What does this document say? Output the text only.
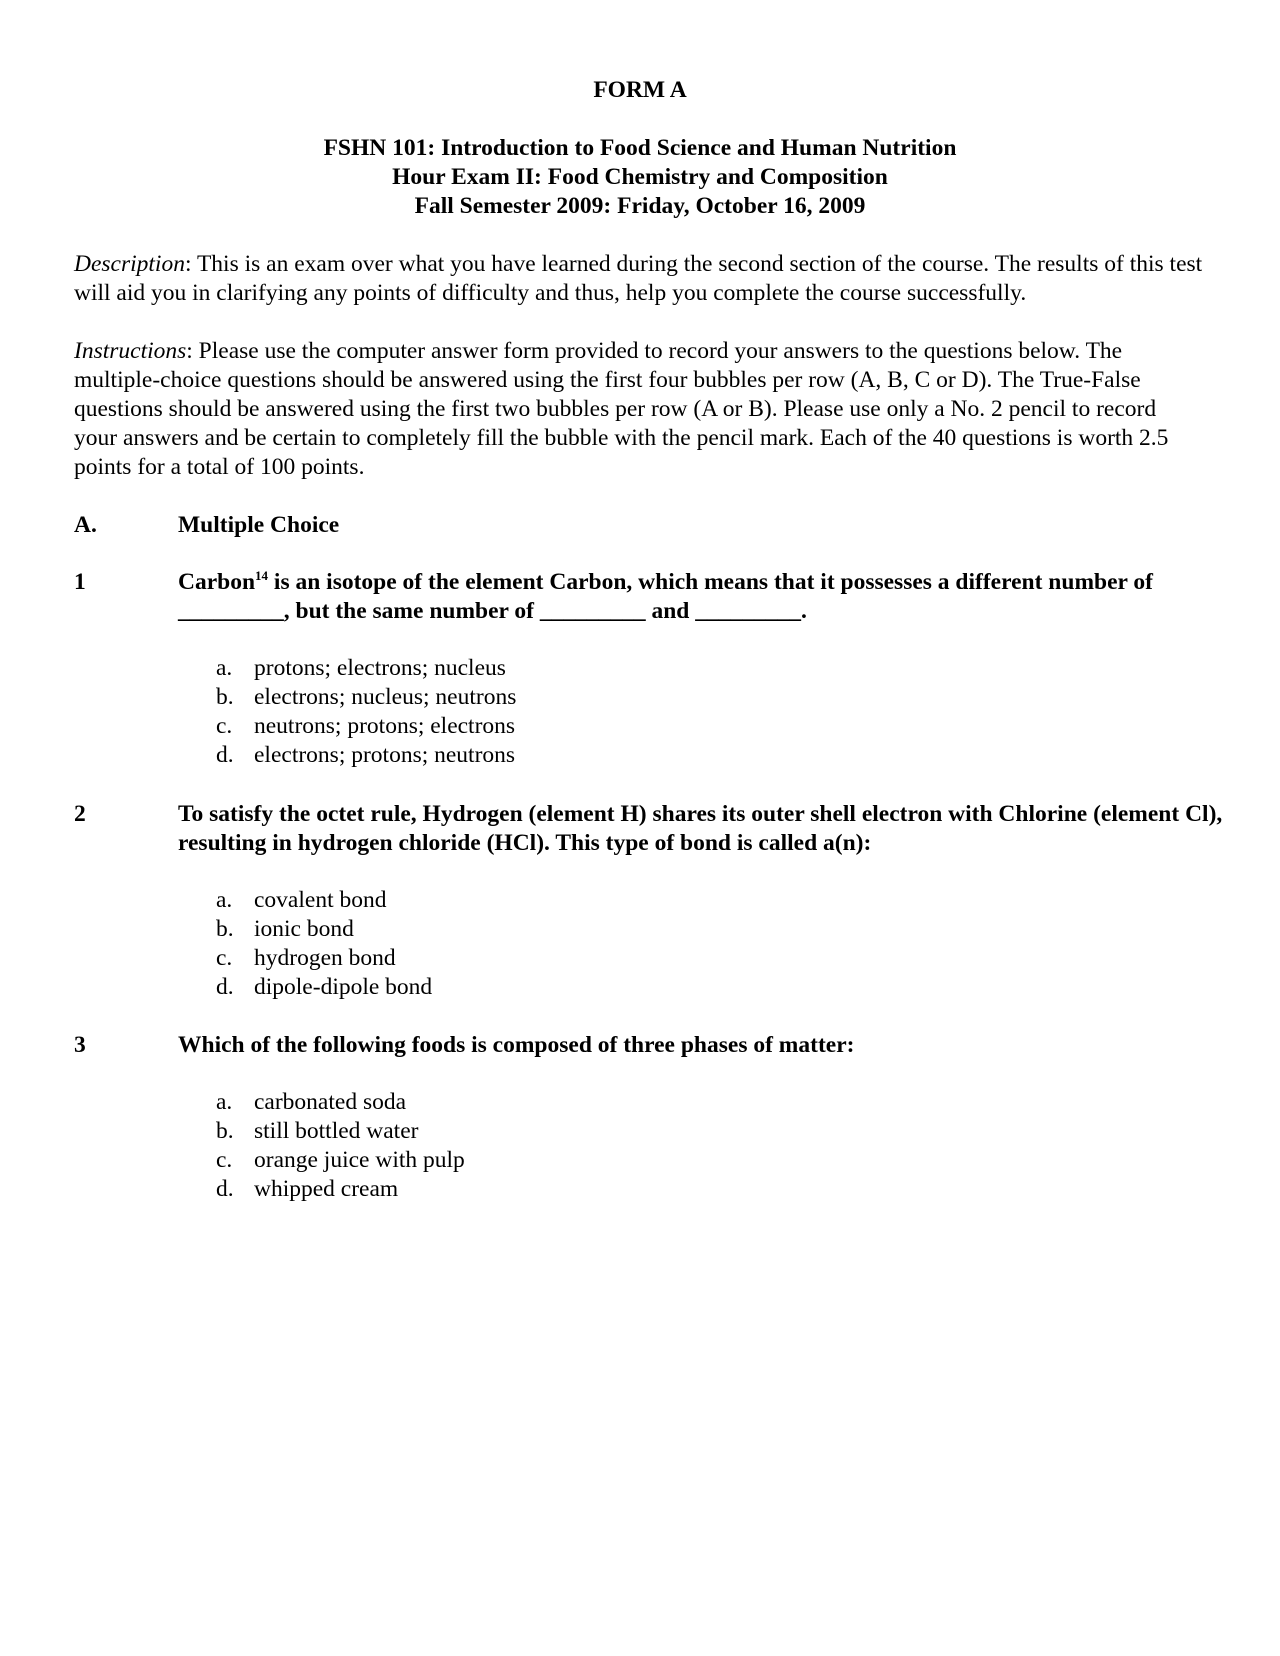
FORM A
FSHN 101: Introduction to Food Science and Human Nutrition
Hour Exam II: Food Chemistry and Composition
Fall Semester 2009: Friday, October 16, 2009
Description: This is an exam over what you have learned during the second section of the course. The results of this test will aid you in clarifying any points of difficulty and thus, help you complete the course successfully.
Instructions: Please use the computer answer form provided to record your answers to the questions below. The multiple-choice questions should be answered using the first four bubbles per row (A, B, C or D). The True-False questions should be answered using the first two bubbles per row (A or B). Please use only a No. 2 pencil to record your answers and be certain to completely fill the bubble with the pencil mark. Each of the 40 questions is worth 2.5 points for a total of 100 points.
A.	Multiple Choice
1	Carbon$^{14}$ is an isotope of the element Carbon, which means that it possesses a different number of _________, but the same number of _________ and _________.
a. protons; electrons; nucleus
b. electrons; nucleus; neutrons
c. neutrons; protons; electrons
d. electrons; protons; neutrons
2	To satisfy the octet rule, Hydrogen (element H) shares its outer shell electron with Chlorine (element Cl), resulting in hydrogen chloride (HCl). This type of bond is called a(n):
a. covalent bond
b. ionic bond
c. hydrogen bond
d. dipole-dipole bond
3	Which of the following foods is composed of three phases of matter:
a. carbonated soda
b. still bottled water
c. orange juice with pulp
d. whipped cream
